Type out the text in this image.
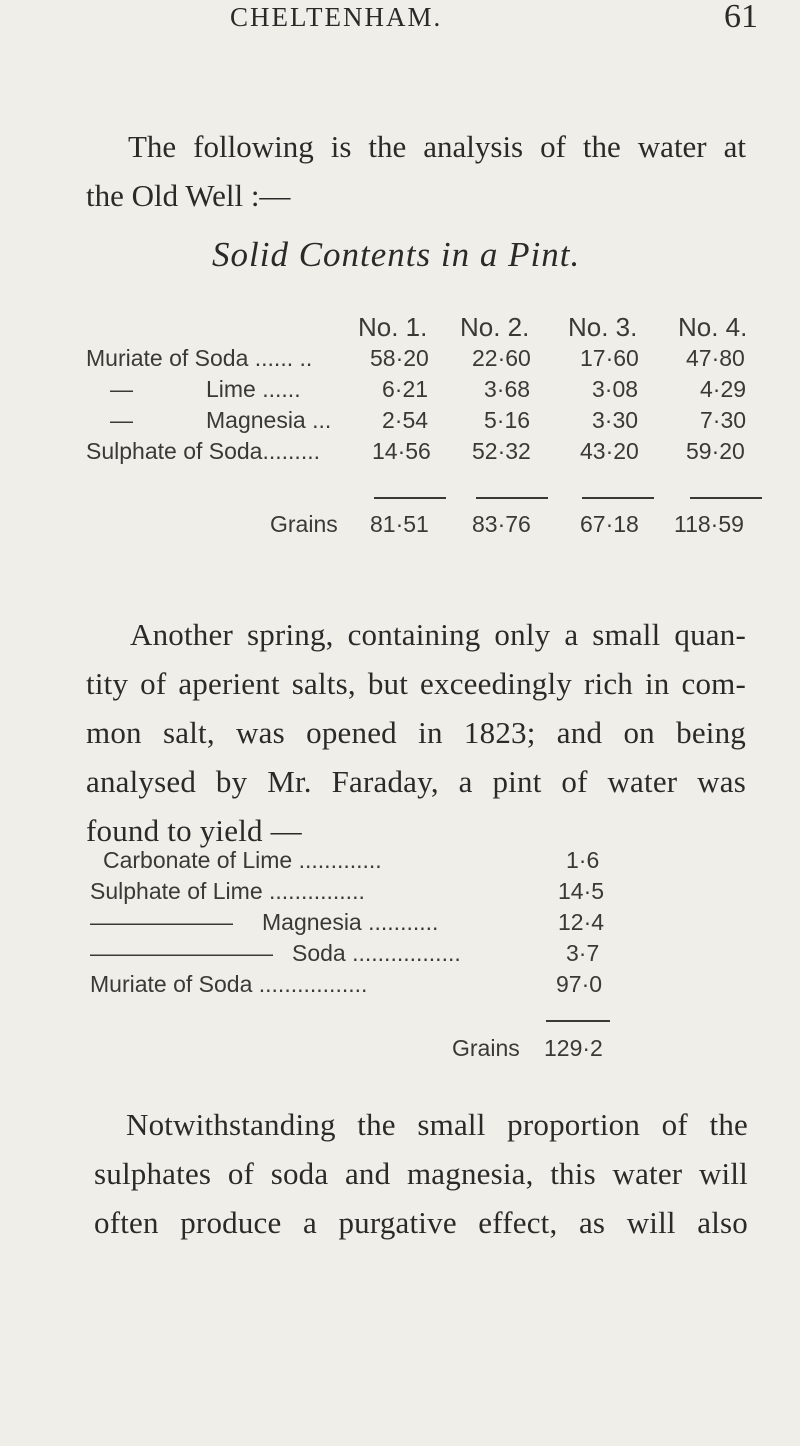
CHELTENHAM.	61
The following is the analysis of the water at
the Old Well :—
Solid Contents in a Pint.
No. 1. No. 2. No. 3. No. 4.
Muriate of Soda ...... ..	58·20 22·60 17·60 47·80
—	Lime ......	6·21 3·68	3·08	4·29
—	Magnesia ... 2·54 5·16	3·30	7·30
Sulphate of Soda......... 14·56 52·32 43·20 59·20
Grains 81·51 83·76 67·18 118·59
Another spring, containing only a small quan-
tity of aperient salts, but exceedingly rich in com-
mon salt, was opened in 1823; and on being
analysed by Mr. Faraday, a pint of water was
found to yield —
Carbonate of Lime .............	1·6
Sulphate of Lime ...............	14·5
——————— Magnesia ...........	12·4
————————— Soda .................	3·7
Muriate of Soda .................	97·0
Grains 129·2
Notwithstanding the small proportion of the
sulphates of soda and magnesia, this water will
often produce a purgative effect, as will also
